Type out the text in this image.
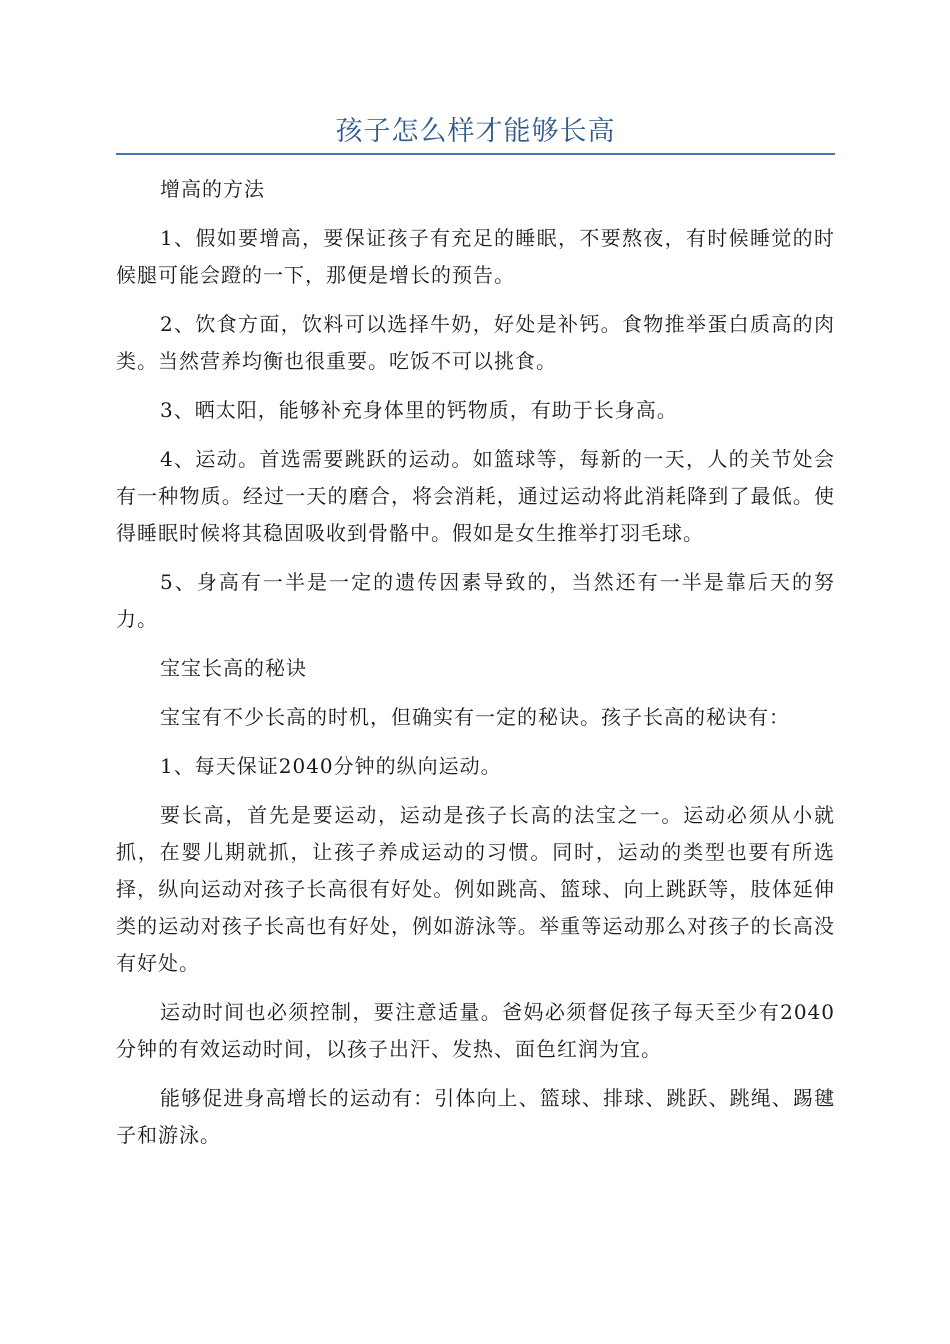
孩子怎么样才能够长高

增高的方法

1、假如要增高，要保证孩子有充足的睡眠，不要熬夜，有时候睡觉的时候腿可能会蹬的一下，那便是增长的预告。

2、饮食方面，饮料可以选择牛奶，好处是补钙。食物推举蛋白质高的肉类。当然营养均衡也很重要。吃饭不可以挑食。

3、晒太阳，能够补充身体里的钙物质，有助于长身高。

4、运动。首选需要跳跃的运动。如篮球等，每新的一天，人的关节处会有一种物质。经过一天的磨合，将会消耗，通过运动将此消耗降到了最低。使得睡眠时候将其稳固吸收到骨骼中。假如是女生推举打羽毛球。

5、身高有一半是一定的遗传因素导致的，当然还有一半是靠后天的努力。

宝宝长高的秘诀

宝宝有不少长高的时机，但确实有一定的秘诀。孩子长高的秘诀有：

1、每天保证2040分钟的纵向运动。

要长高，首先是要运动，运动是孩子长高的法宝之一。运动必须从小就抓，在婴儿期就抓，让孩子养成运动的习惯。同时，运动的类型也要有所选择，纵向运动对孩子长高很有好处。例如跳高、篮球、向上跳跃等，肢体延伸类的运动对孩子长高也有好处，例如游泳等。举重等运动那么对孩子的长高没有好处。

运动时间也必须控制，要注意适量。爸妈必须督促孩子每天至少有2040分钟的有效运动时间，以孩子出汗、发热、面色红润为宜。

能够促进身高增长的运动有：引体向上、篮球、排球、跳跃、跳绳、踢毽子和游泳。
